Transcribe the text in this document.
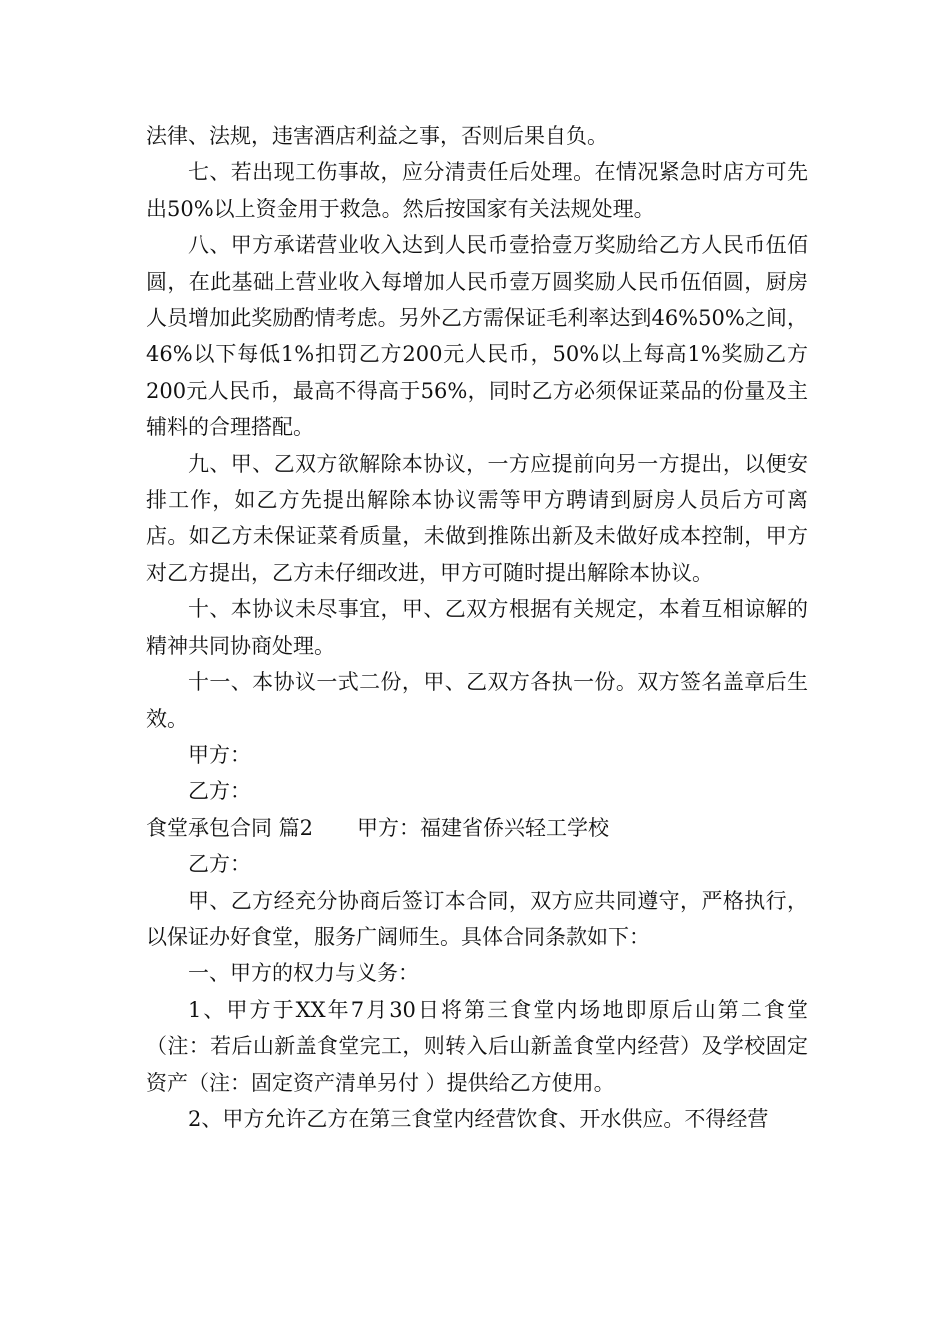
法律、法规，违害酒店利益之事，否则后果自负。

七、若出现工伤事故，应分清责任后处理。在情况紧急时店方可先出50%以上资金用于救急。然后按国家有关法规处理。

八、甲方承诺营业收入达到人民币壹拾壹万奖励给乙方人民币伍佰圆，在此基础上营业收入每增加人民币壹万圆奖励人民币伍佰圆，厨房人员增加此奖励酌情考虑。另外乙方需保证毛利率达到46%50%之间，46%以下每低1%扣罚乙方200元人民币，50%以上每高1%奖励乙方200元人民币，最高不得高于56%，同时乙方必须保证菜品的份量及主辅料的合理搭配。

九、甲、乙双方欲解除本协议，一方应提前向另一方提出，以便安排工作，如乙方先提出解除本协议需等甲方聘请到厨房人员后方可离店。如乙方未保证菜肴质量，未做到推陈出新及未做好成本控制，甲方对乙方提出，乙方未仔细改进，甲方可随时提出解除本协议。

十、本协议未尽事宜，甲、乙双方根据有关规定，本着互相谅解的精神共同协商处理。

十一、本协议一式二份，甲、乙双方各执一份。双方签名盖章后生效。

甲方：

乙方：

食堂承包合同 篇2 甲方：福建省侨兴轻工学校

乙方：

甲、乙方经充分协商后签订本合同，双方应共同遵守，严格执行，以保证办好食堂，服务广阔师生。具体合同条款如下：

一、甲方的权力与义务：

1、甲方于XX年7月30日将第三食堂内场地即原后山第二食堂（注：若后山新盖食堂完工，则转入后山新盖食堂内经营）及学校固定资产（注：固定资产清单另付 ）提供给乙方使用。

2、甲方允许乙方在第三食堂内经营饮食、开水供应。不得经营
